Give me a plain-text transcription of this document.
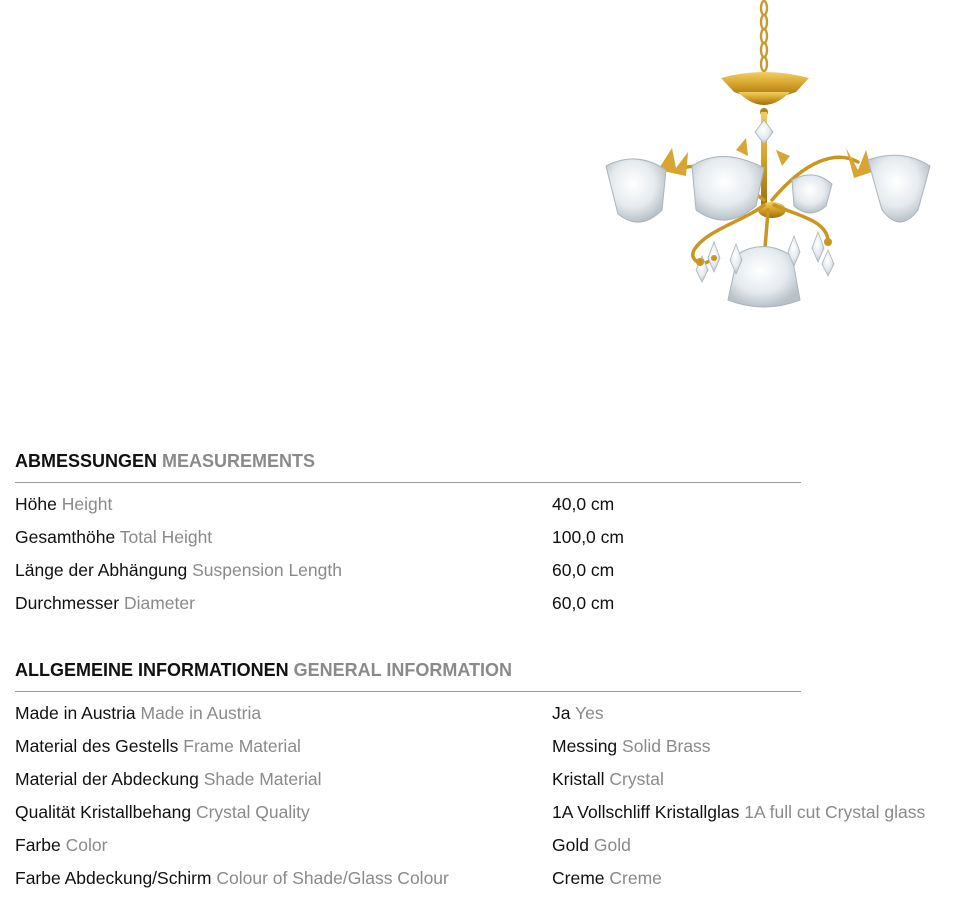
ABMESSUNGEN MEASUREMENTS
Höhe Height	40,0 cm
Gesamthöhe Total Height	100,0 cm
Länge der Abhängung Suspension Length	60,0 cm
Durchmesser Diameter	60,0 cm
ALLGEMEINE INFORMATIONEN GENERAL INFORMATION
Made in Austria Made in Austria	Ja Yes
Material des Gestells Frame Material	Messing Solid Brass
Material der Abdeckung Shade Material	Kristall Crystal
Qualität Kristallbehang Crystal Quality	1A Vollschliff Kristallglas 1A full cut Crystal glass
Farbe Color	Gold Gold
Farbe Abdeckung/Schirm Colour of Shade/Glass Colour	Creme Creme
